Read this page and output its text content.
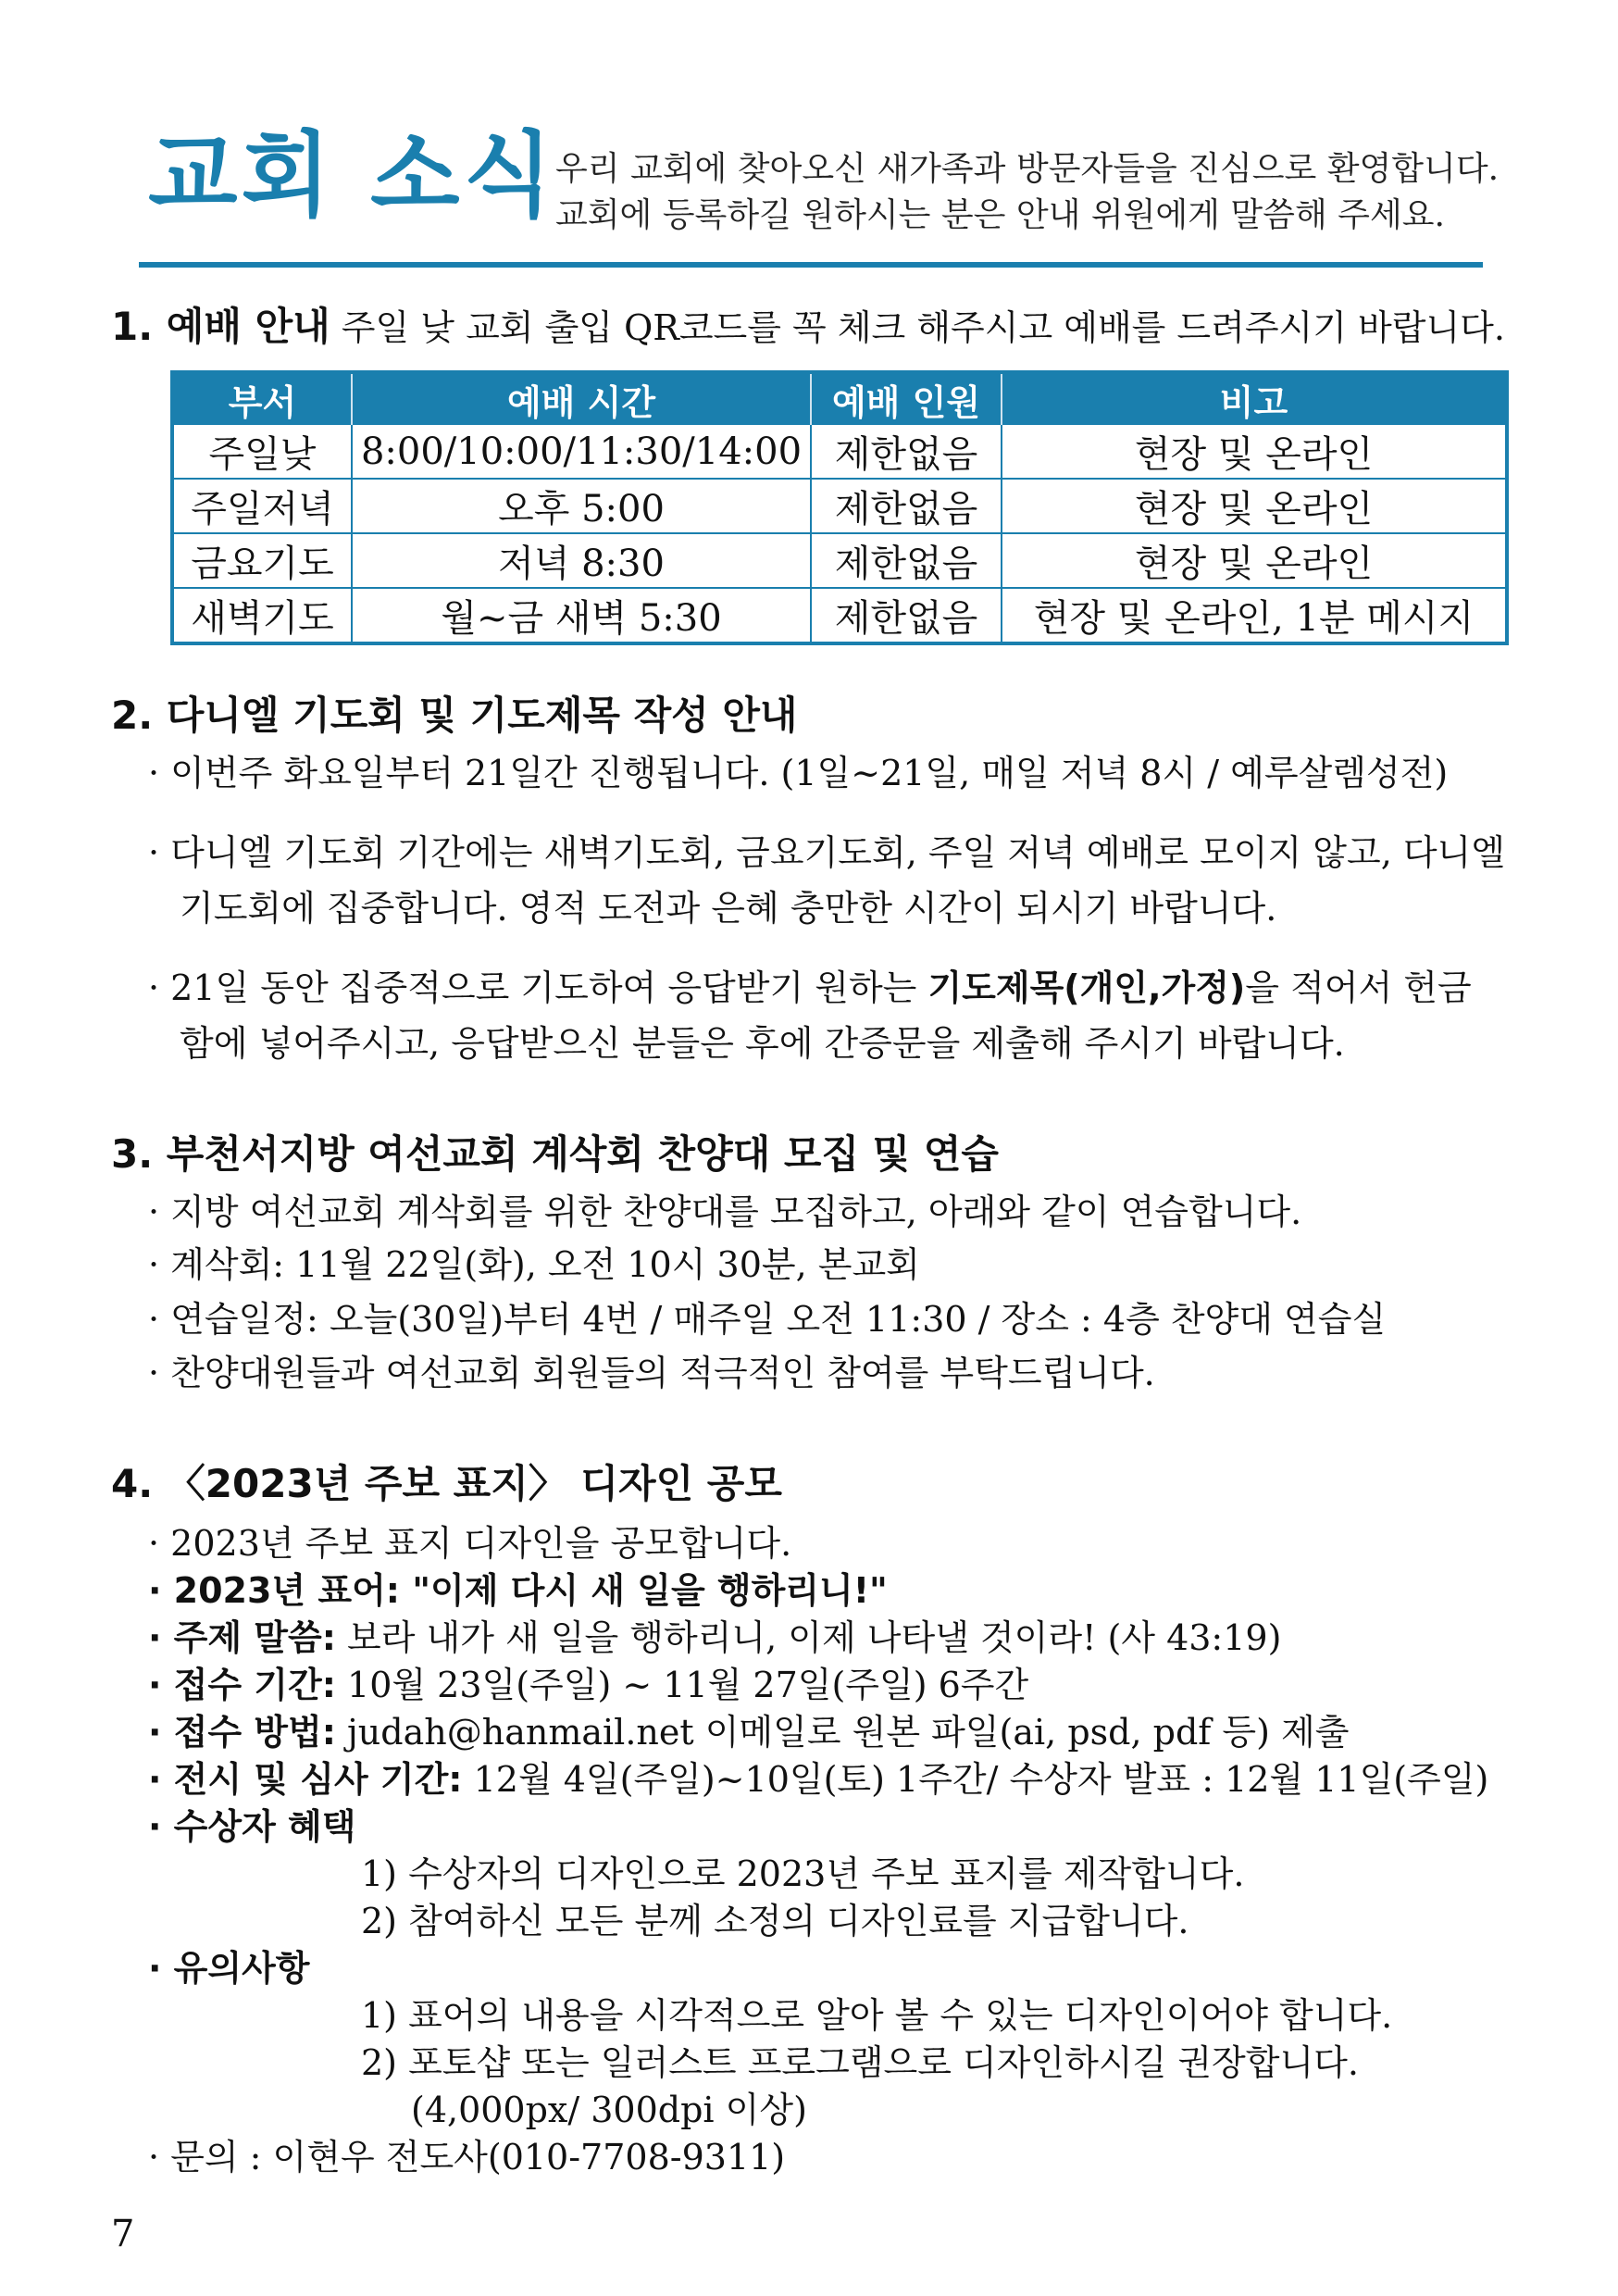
교회 소식
우리 교회에 찾아오신 새가족과 방문자들을 진심으로 환영합니다.
교회에 등록하길 원하시는 분은 안내 위원에게 말씀해 주세요.
1. 예배 안내 주일 낮 교회 출입 QR코드를 꼭 체크 해주시고 예배를 드려주시기 바랍니다.
부서	예배 시간	예배 인원	비고
주일낮	8:00/10:00/11:30/14:00	제한없음	현장 및 온라인
주일저녁	오후 5:00	제한없음	현장 및 온라인
금요기도	저녁 8:30	제한없음	현장 및 온라인
새벽기도	월~금 새벽 5:30	제한없음	현장 및 온라인, 1분 메시지
2. 다니엘 기도회 및 기도제목 작성 안내
· 이번주 화요일부터 21일간 진행됩니다. (1일~21일, 매일 저녁 8시 / 예루살렘성전)
· 다니엘 기도회 기간에는 새벽기도회, 금요기도회, 주일 저녁 예배로 모이지 않고, 다니엘
기도회에 집중합니다. 영적 도전과 은혜 충만한 시간이 되시기 바랍니다.
· 21일 동안 집중적으로 기도하여 응답받기 원하는 기도제목(개인,가정)을 적어서 헌금
함에 넣어주시고, 응답받으신 분들은 후에 간증문을 제출해 주시기 바랍니다.
3. 부천서지방 여선교회 계삭회 찬양대 모집 및 연습
· 지방 여선교회 계삭회를 위한 찬양대를 모집하고, 아래와 같이 연습합니다.
· 계삭회: 11월 22일(화), 오전 10시 30분, 본교회
· 연습일정: 오늘(30일)부터 4번 / 매주일 오전 11:30 / 장소 : 4층 찬양대 연습실
· 찬양대원들과 여선교회 회원들의 적극적인 참여를 부탁드립니다.
4. 〈2023년 주보 표지〉 디자인 공모
· 2023년 주보 표지 디자인을 공모합니다.
· 2023년 표어: "이제 다시 새 일을 행하리니!"
· 주제 말씀: 보라 내가 새 일을 행하리니, 이제 나타낼 것이라! (사 43:19)
· 접수 기간: 10월 23일(주일) ~ 11월 27일(주일) 6주간
· 접수 방법: judah@hanmail.net 이메일로 원본 파일(ai, psd, pdf 등) 제출
· 전시 및 심사 기간: 12월 4일(주일)~10일(토) 1주간/ 수상자 발표 : 12월 11일(주일)
· 수상자 혜택
1) 수상자의 디자인으로 2023년 주보 표지를 제작합니다.
2) 참여하신 모든 분께 소정의 디자인료를 지급합니다.
· 유의사항
1) 표어의 내용을 시각적으로 알아 볼 수 있는 디자인이어야 합니다.
2) 포토샵 또는 일러스트 프로그램으로 디자인하시길 권장합니다.
(4,000px/ 300dpi 이상)
· 문의 : 이현우 전도사(010-7708-9311)
7
